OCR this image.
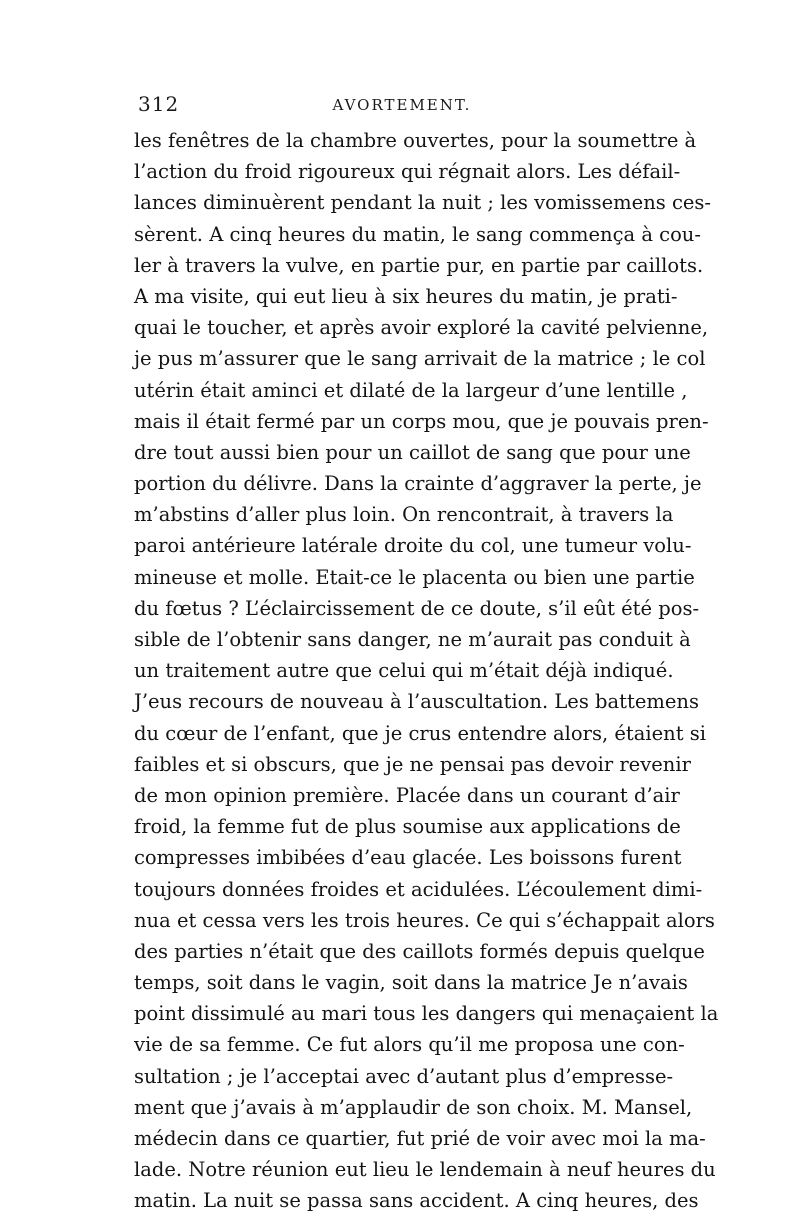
312	AVORTEMENT.
les fenêtres de la chambre ouvertes, pour la soumettre à
l’action du froid rigoureux qui régnait alors. Les défail-
lances diminuèrent pendant la nuit ; les vomissemens ces-
sèrent. A cinq heures du matin, le sang commença à cou-
ler à travers la vulve, en partie pur, en partie par caillots.
A ma visite, qui eut lieu à six heures du matin, je prati-
quai le toucher, et après avoir exploré la cavité pelvienne,
je pus m’assurer que le sang arrivait de la matrice ; le col
utérin était aminci et dilaté de la largeur d’une lentille ,
mais il était fermé par un corps mou, que je pouvais pren-
dre tout aussi bien pour un caillot de sang que pour une
portion du délivre. Dans la crainte d’aggraver la perte, je
m’abstins d’aller plus loin. On rencontrait, à travers la
paroi antérieure latérale droite du col, une tumeur volu-
mineuse et molle. Etait-ce le placenta ou bien une partie
du fœtus ? L’éclaircissement de ce doute, s’il eût été pos-
sible de l’obtenir sans danger, ne m’aurait pas conduit à
un traitement autre que celui qui m’était déjà indiqué.
J’eus recours de nouveau à l’auscultation. Les battemens
du cœur de l’enfant, que je crus entendre alors, étaient si
faibles et si obscurs, que je ne pensai pas devoir revenir
de mon opinion première. Placée dans un courant d’air
froid, la femme fut de plus soumise aux applications de
compresses imbibées d’eau glacée. Les boissons furent
toujours données froides et acidulées. L’écoulement dimi-
nua et cessa vers les trois heures. Ce qui s’échappait alors
des parties n’était que des caillots formés depuis quelque
temps, soit dans le vagin, soit dans la matrice Je n’avais
point dissimulé au mari tous les dangers qui menaçaient la
vie de sa femme. Ce fut alors qu’il me proposa une con-
sultation ; je l’acceptai avec d’autant plus d’empresse-
ment que j’avais à m’applaudir de son choix. M. Mansel,
médecin dans ce quartier, fut prié de voir avec moi la ma-
lade. Notre réunion eut lieu le lendemain à neuf heures du
matin. La nuit se passa sans accident. A cinq heures, des
